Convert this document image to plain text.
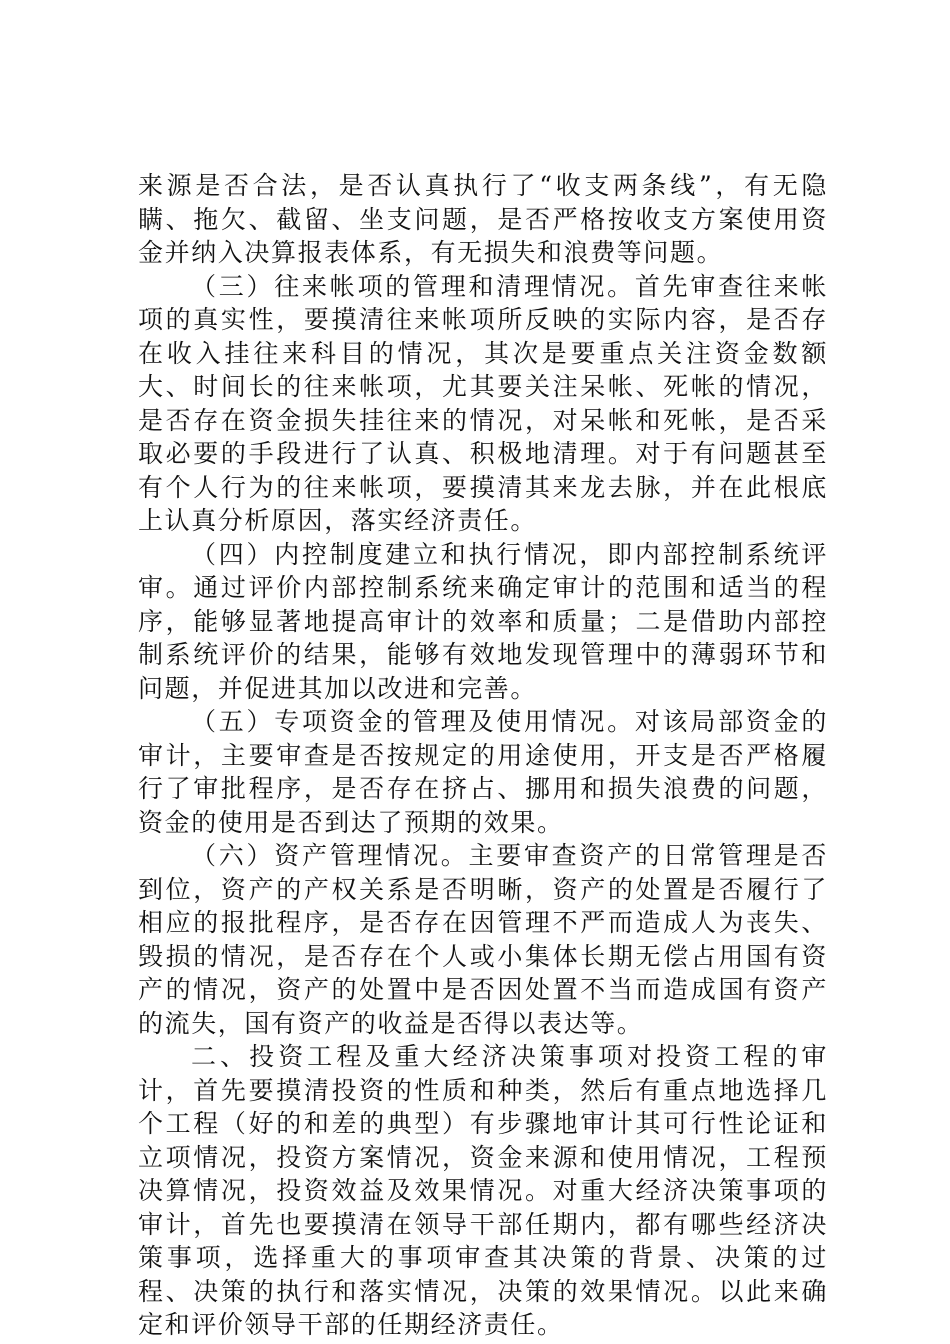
来源是否合法，是否认真执行了“收支两条线”，有无隐瞒、拖欠、截留、坐支问题，是否严格按收支方案使用资金并纳入决算报表体系，有无损失和浪费等问题。

（三）往来帐项的管理和清理情况。首先审查往来帐项的真实性，要摸清往来帐项所反映的实际内容，是否存在收入挂往来科目的情况，其次是要重点关注资金数额大、时间长的往来帐项，尤其要关注呆帐、死帐的情况，是否存在资金损失挂往来的情况，对呆帐和死帐，是否采取必要的手段进行了认真、积极地清理。对于有问题甚至有个人行为的往来帐项，要摸清其来龙去脉，并在此根底上认真分析原因，落实经济责任。

（四）内控制度建立和执行情况，即内部控制系统评审。通过评价内部控制系统来确定审计的范围和适当的程序，能够显著地提高审计的效率和质量；二是借助内部控制系统评价的结果，能够有效地发现管理中的薄弱环节和问题，并促进其加以改进和完善。

（五）专项资金的管理及使用情况。对该局部资金的审计，主要审查是否按规定的用途使用，开支是否严格履行了审批程序，是否存在挤占、挪用和损失浪费的问题，资金的使用是否到达了预期的效果。

（六）资产管理情况。主要审查资产的日常管理是否到位，资产的产权关系是否明晰，资产的处置是否履行了相应的报批程序，是否存在因管理不严而造成人为丧失、毁损的情况，是否存在个人或小集体长期无偿占用国有资产的情况，资产的处置中是否因处置不当而造成国有资产的流失，国有资产的收益是否得以表达等。

二、投资工程及重大经济决策事项对投资工程的审计，首先要摸清投资的性质和种类，然后有重点地选择几个工程（好的和差的典型）有步骤地审计其可行性论证和立项情况，投资方案情况，资金来源和使用情况，工程预决算情况，投资效益及效果情况。对重大经济决策事项的审计，首先也要摸清在领导干部任期内，都有哪些经济决策事项，选择重大的事项审查其决策的背景、决策的过程、决策的执行和落实情况，决策的效果情况。以此来确定和评价领导干部的任期经济责任。
